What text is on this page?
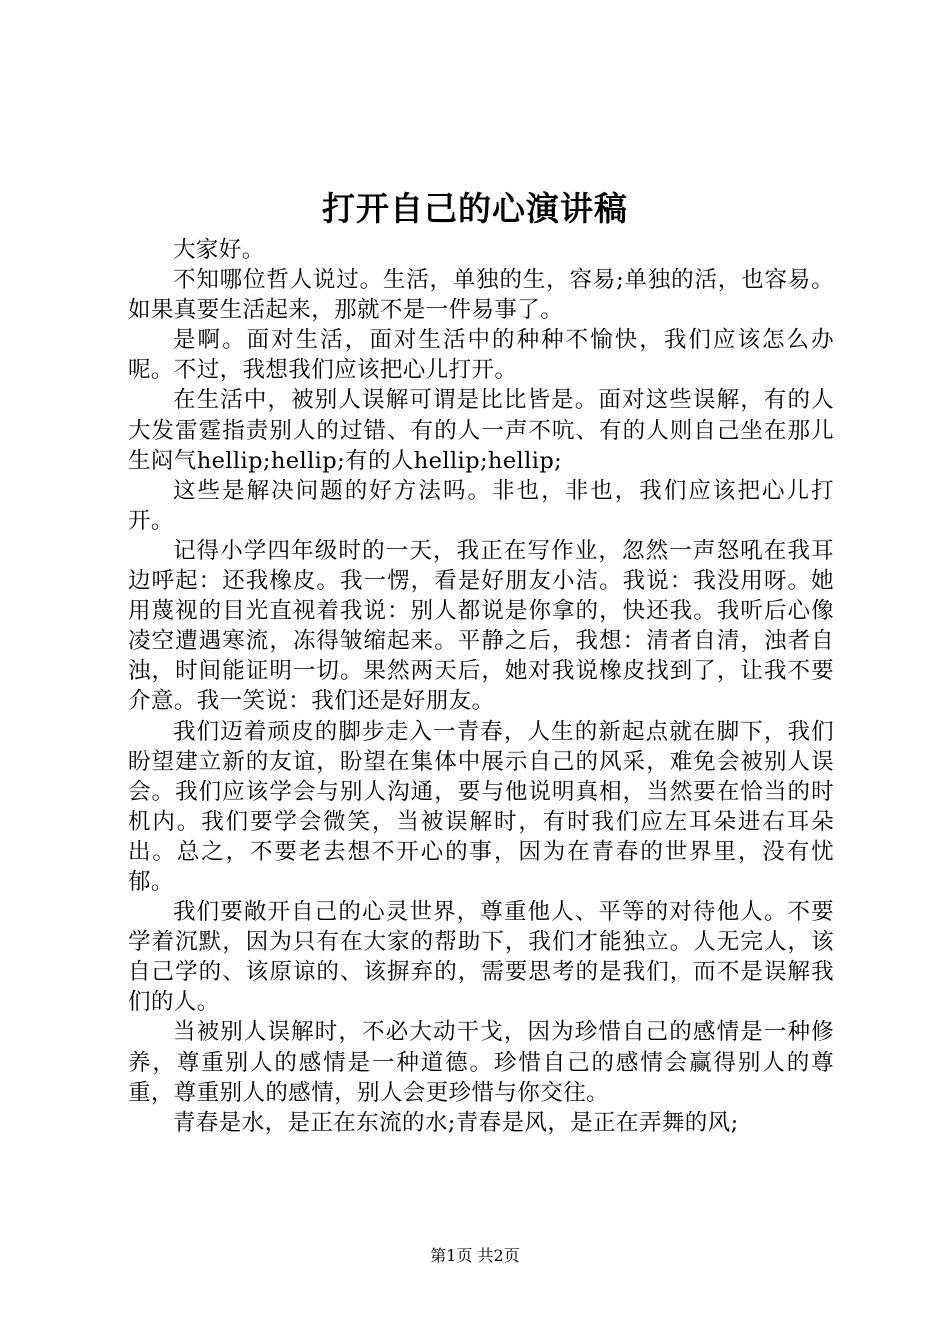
打开自己的心演讲稿

大家好。

不知哪位哲人说过。生活，单独的生，容易;单独的活，也容易。如果真要生活起来，那就不是一件易事了。

是啊。面对生活，面对生活中的种种不愉快，我们应该怎么办呢。不过，我想我们应该把心儿打开。

在生活中，被别人误解可谓是比比皆是。面对这些误解，有的人大发雷霆指责别人的过错、有的人一声不吭、有的人则自己坐在那儿生闷气hellip;hellip;有的人hellip;hellip;

这些是解决问题的好方法吗。非也，非也，我们应该把心儿打开。

记得小学四年级时的一天，我正在写作业，忽然一声怒吼在我耳边呼起：还我橡皮。我一愣，看是好朋友小洁。我说：我没用呀。她用蔑视的目光直视着我说：别人都说是你拿的，快还我。我听后心像凌空遭遇寒流，冻得皱缩起来。平静之后，我想：清者自清，浊者自浊，时间能证明一切。果然两天后，她对我说橡皮找到了，让我不要介意。我一笑说：我们还是好朋友。

我们迈着顽皮的脚步走入一青春，人生的新起点就在脚下，我们盼望建立新的友谊，盼望在集体中展示自己的风采，难免会被别人误会。我们应该学会与别人沟通，要与他说明真相，当然要在恰当的时机内。我们要学会微笑，当被误解时，有时我们应左耳朵进右耳朵出。总之，不要老去想不开心的事，因为在青春的世界里，没有忧郁。

我们要敞开自己的心灵世界，尊重他人、平等的对待他人。不要学着沉默，因为只有在大家的帮助下，我们才能独立。人无完人，该自己学的、该原谅的、该摒弃的，需要思考的是我们，而不是误解我们的人。

当被别人误解时，不必大动干戈，因为珍惜自己的感情是一种修养，尊重别人的感情是一种道德。珍惜自己的感情会赢得别人的尊重，尊重别人的感情，别人会更珍惜与你交往。

青春是水，是正在东流的水;青春是风，是正在弄舞的风;

第1页 共2页
